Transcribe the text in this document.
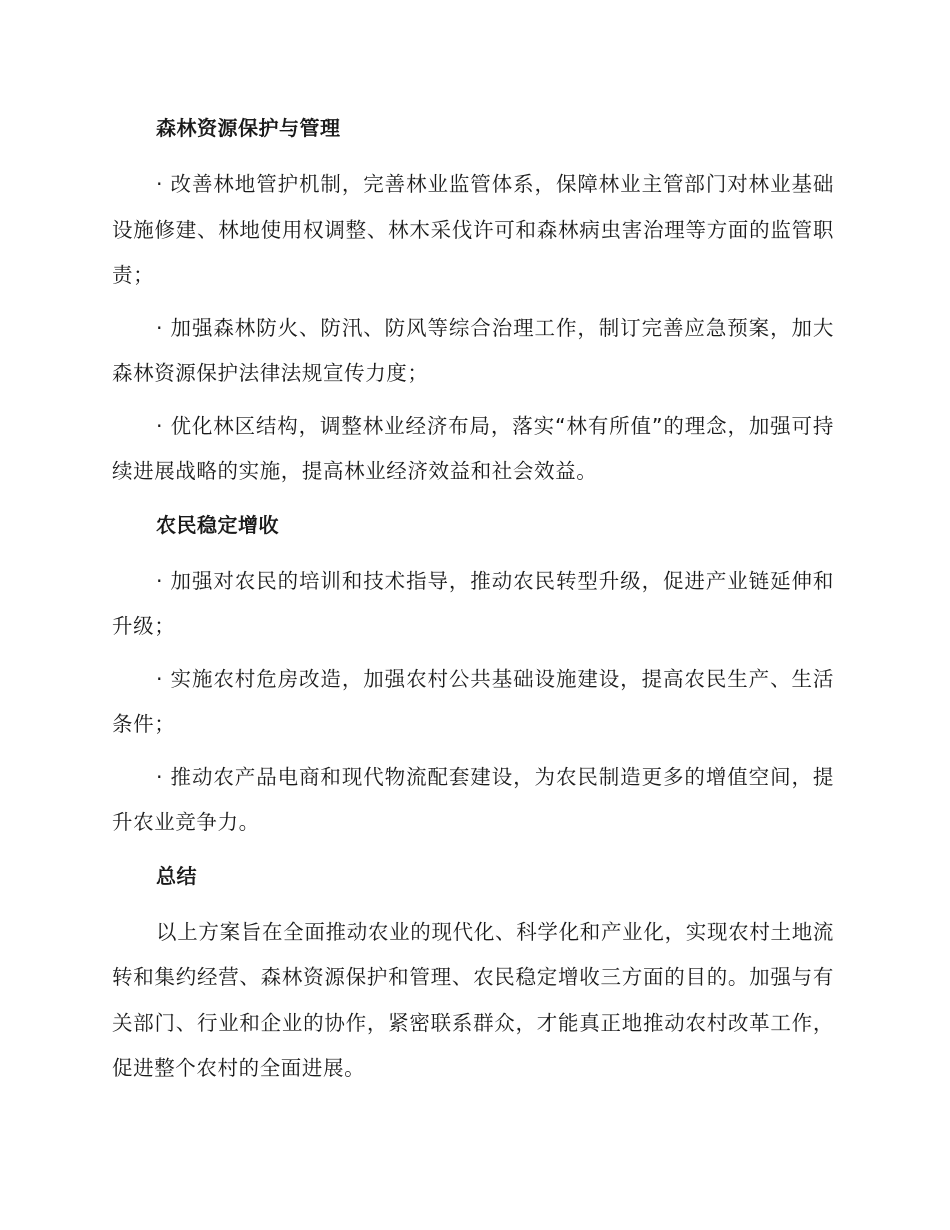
森林资源保护与管理

· 改善林地管护机制，完善林业监管体系，保障林业主管部门对林业基础设施修建、林地使用权调整、林木采伐许可和森林病虫害治理等方面的监管职责；

· 加强森林防火、防汛、防风等综合治理工作，制订完善应急预案，加大森林资源保护法律法规宣传力度；

· 优化林区结构，调整林业经济布局，落实“林有所值”的理念，加强可持续进展战略的实施，提高林业经济效益和社会效益。

农民稳定增收

· 加强对农民的培训和技术指导，推动农民转型升级，促进产业链延伸和升级；

· 实施农村危房改造，加强农村公共基础设施建设，提高农民生产、生活条件；

· 推动农产品电商和现代物流配套建设，为农民制造更多的增值空间，提升农业竞争力。

总结

以上方案旨在全面推动农业的现代化、科学化和产业化，实现农村土地流转和集约经营、森林资源保护和管理、农民稳定增收三方面的目的。加强与有关部门、行业和企业的协作，紧密联系群众，才能真正地推动农村改革工作，促进整个农村的全面进展。
